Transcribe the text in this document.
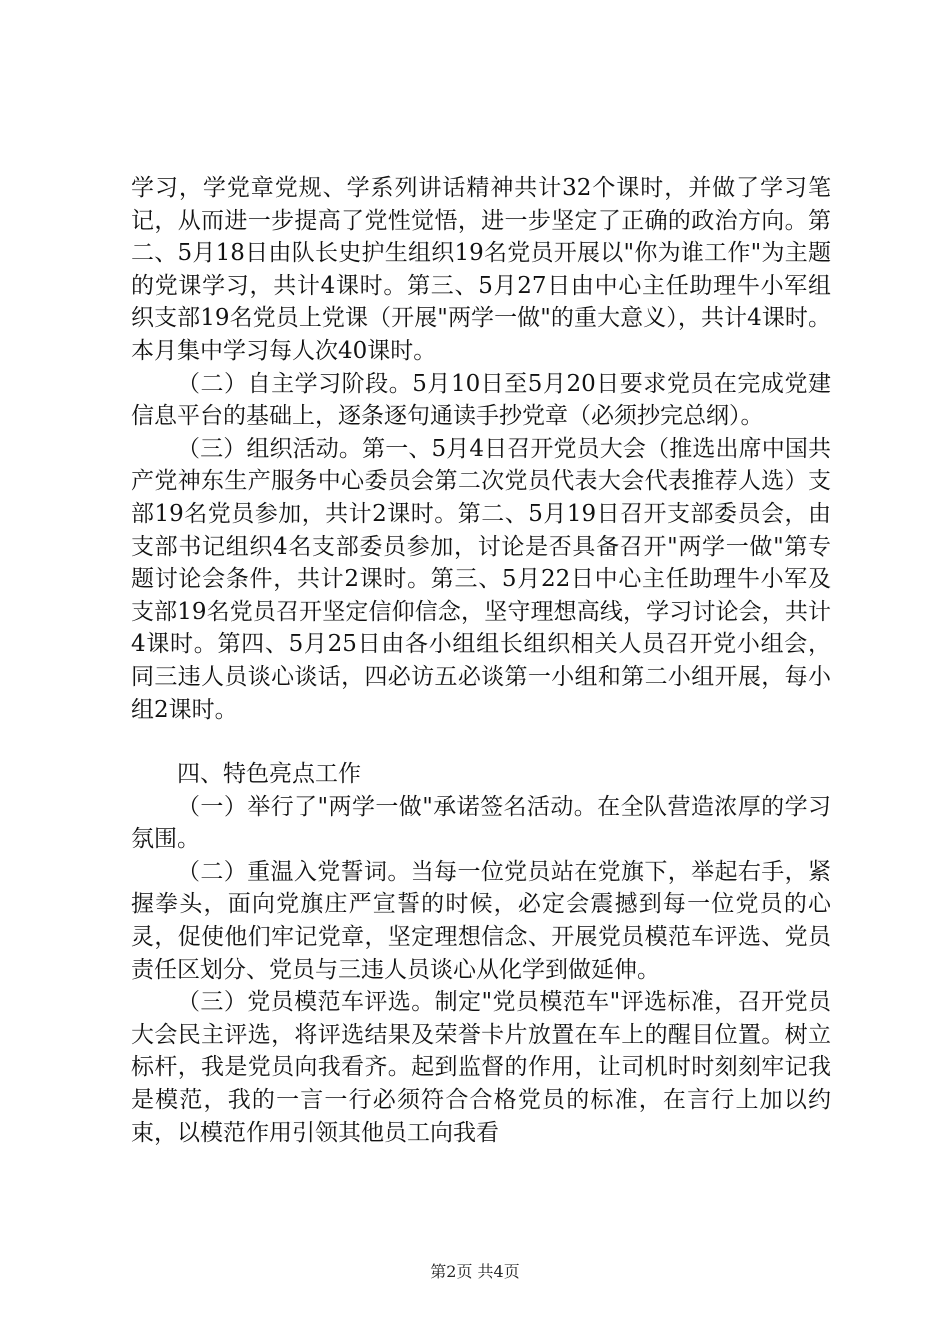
学习，学党章党规、学系列讲话精神共计32个课时，并做了学习笔记，从而进一步提高了党性觉悟，进一步坚定了正确的政治方向。第二、5月18日由队长史护生组织19名党员开展以"你为谁工作"为主题的党课学习，共计4课时。第三、5月27日由中心主任助理牛小军组织支部19名党员上党课（开展"两学一做"的重大意义），共计4课时。本月集中学习每人次40课时。

（二）自主学习阶段。5月10日至5月20日要求党员在完成党建信息平台的基础上，逐条逐句通读手抄党章（必须抄完总纲）。

（三）组织活动。第一、5月4日召开党员大会（推选出席中国共产党神东生产服务中心委员会第二次党员代表大会代表推荐人选）支部19名党员参加，共计2课时。第二、5月19日召开支部委员会，由支部书记组织4名支部委员参加，讨论是否具备召开"两学一做"第专题讨论会条件，共计2课时。第三、5月22日中心主任助理牛小军及支部19名党员召开坚定信仰信念，坚守理想高线，学习讨论会，共计4课时。第四、5月25日由各小组组长组织相关人员召开党小组会，同三违人员谈心谈话，四必访五必谈第一小组和第二小组开展，每小组2课时。

四、特色亮点工作

（一）举行了"两学一做"承诺签名活动。在全队营造浓厚的学习氛围。

（二）重温入党誓词。当每一位党员站在党旗下，举起右手，紧握拳头，面向党旗庄严宣誓的时候，必定会震撼到每一位党员的心灵，促使他们牢记党章，坚定理想信念、开展党员模范车评选、党员责任区划分、党员与三违人员谈心从化学到做延伸。

（三）党员模范车评选。制定"党员模范车"评选标准，召开党员大会民主评选，将评选结果及荣誉卡片放置在车上的醒目位置。树立标杆，我是党员向我看齐。起到监督的作用，让司机时时刻刻牢记我是模范，我的一言一行必须符合合格党员的标准，在言行上加以约束，以模范作用引领其他员工向我看

第2页 共4页
